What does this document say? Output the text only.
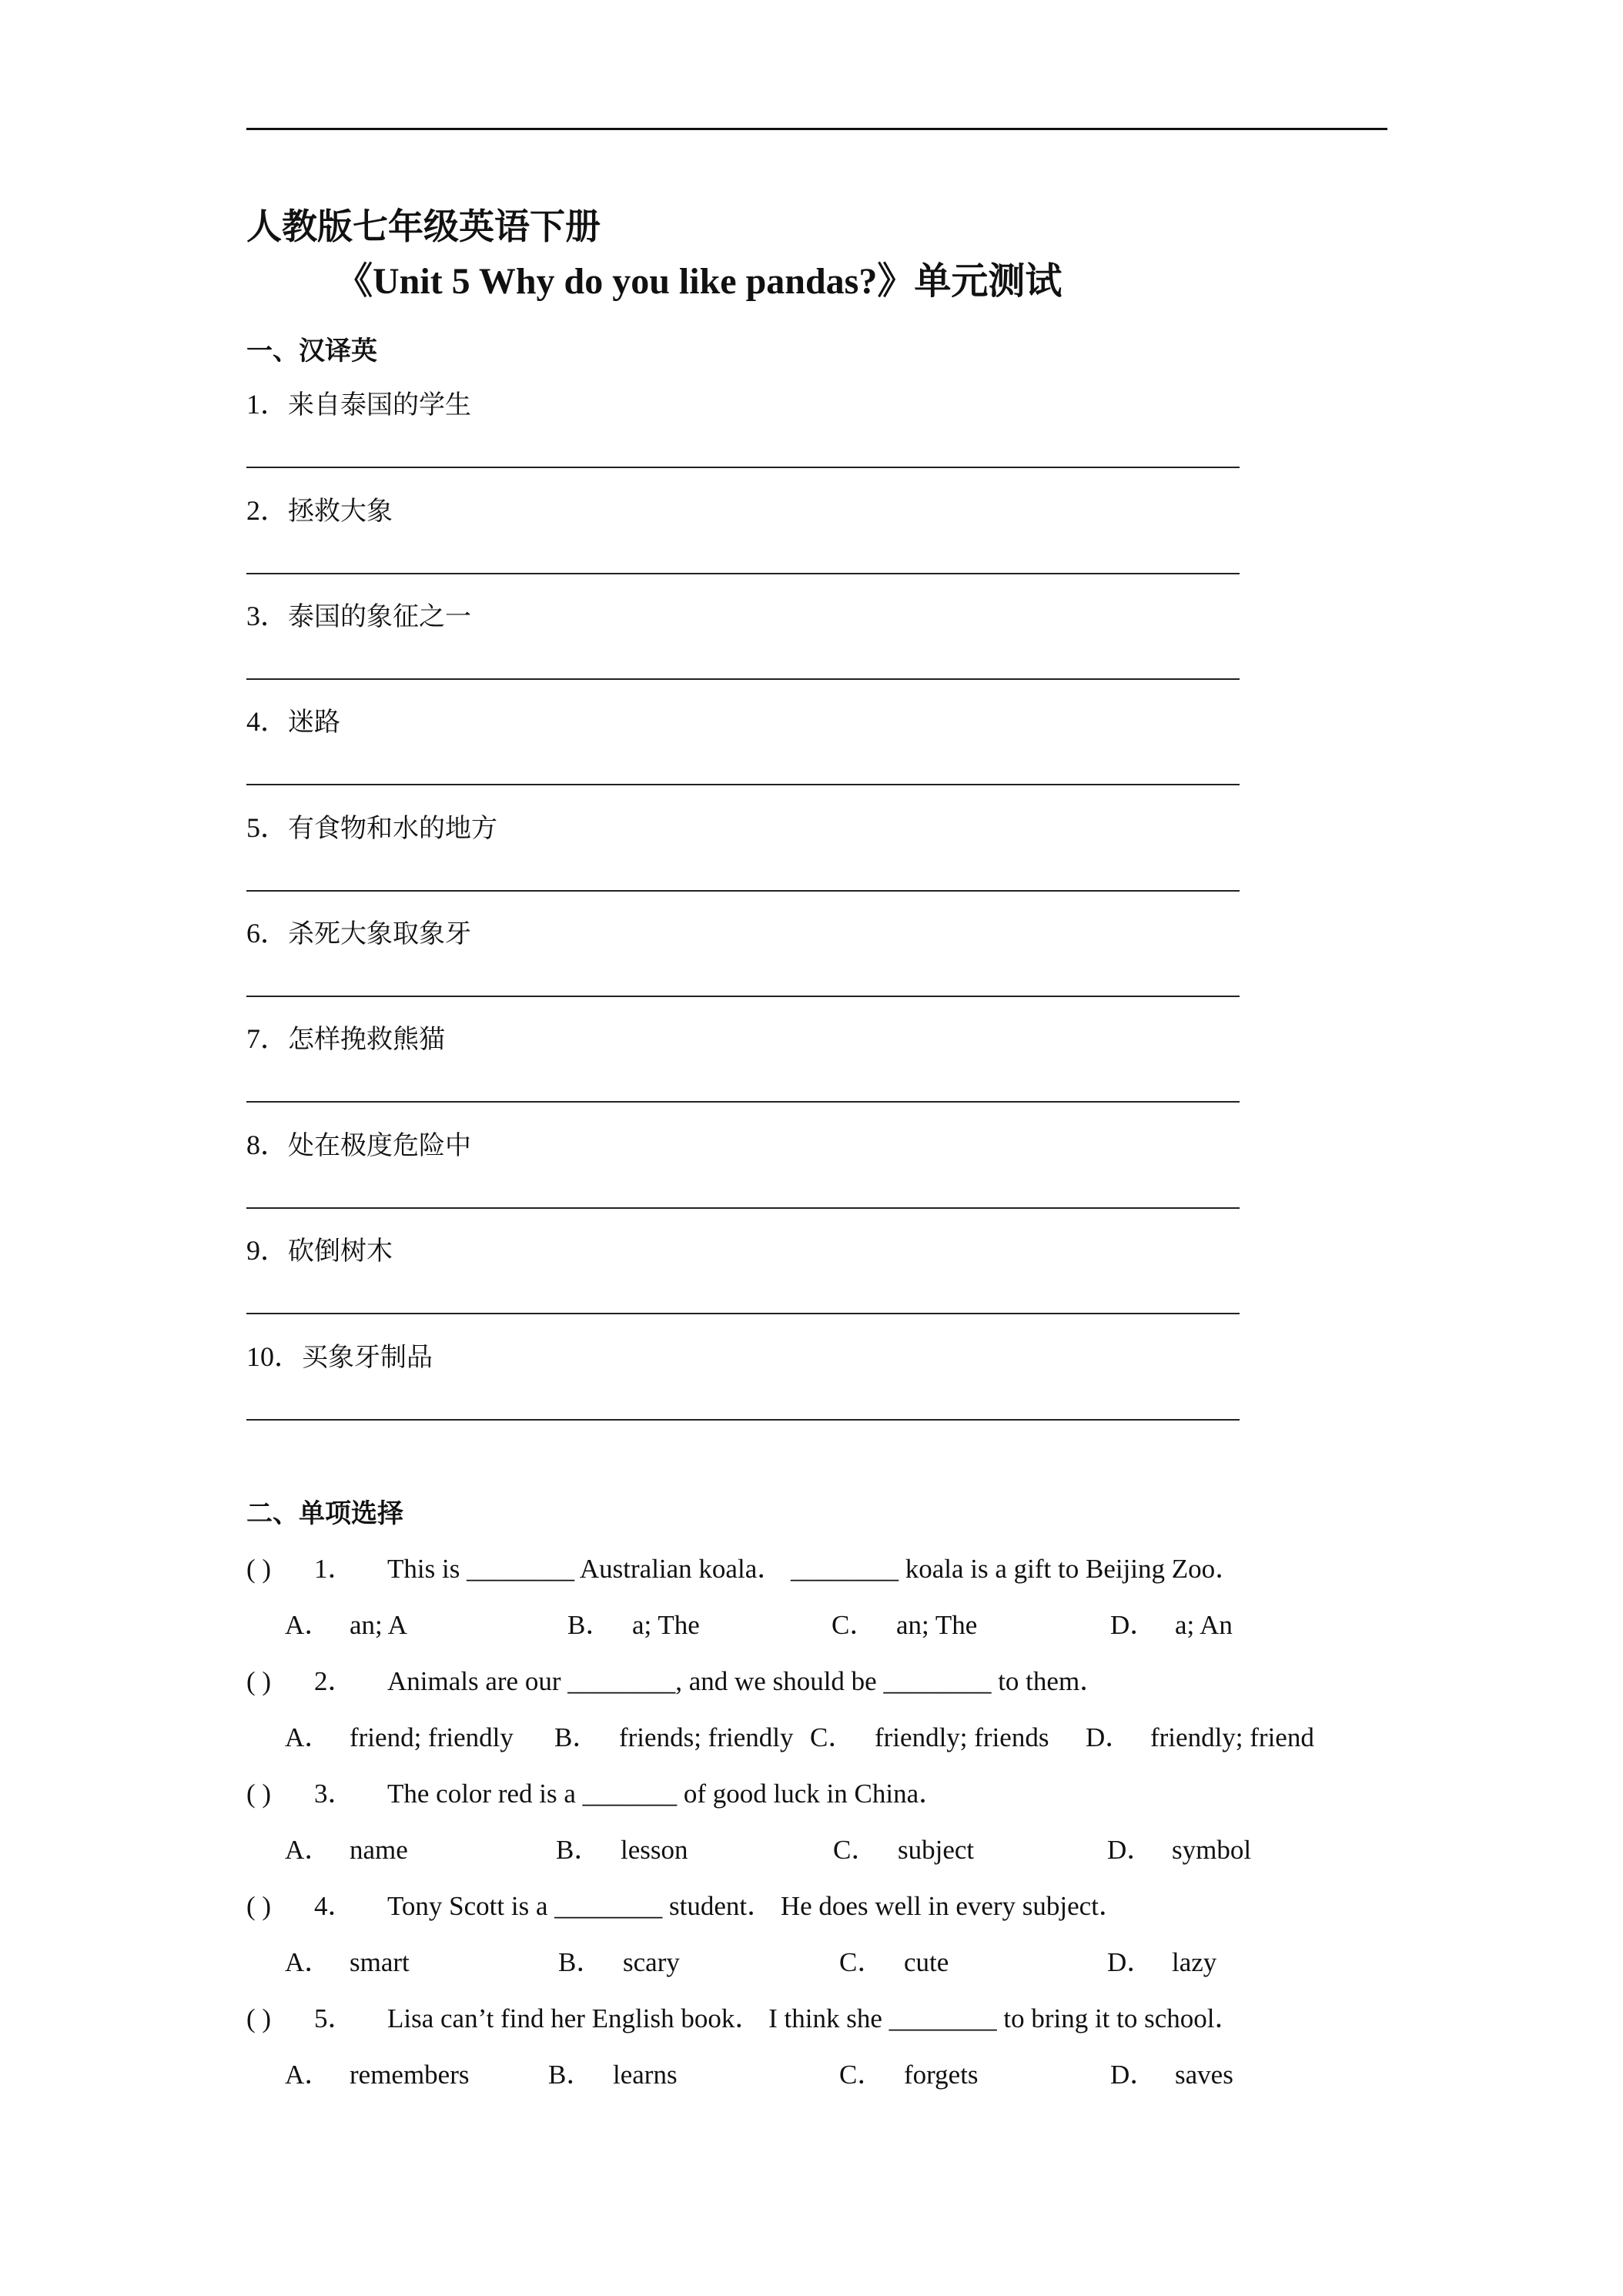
人教版七年级英语下册
《Unit 5 Why do you like pandas?》单元测试
一、汉译英
1．来自泰国的学生
2．拯救大象
3．泰国的象征之一
4．迷路
5．有食物和水的地方
6．杀死大象取象牙
7．怎样挽救熊猫
8．处在极度危险中
9．砍倒树木
10．买象牙制品
二、单项选择
( ) 1． This is ________ Australian koala． ________ koala is a gift to Beijing Zoo．
A． an; A	B． a; The	C． an; The	D． a; An
( ) 2． Animals are our ________, and we should be ________ to them．
A． friend; friendly B． friends; friendly C． friendly; friends D． friendly; friend
( ) 3． The color red is a _______ of good luck in China．
A． name	B． lesson	C． subject	D． symbol
( ) 4． Tony Scott is a ________ student． He does well in every subject．
A． smart	B． scary	C． cute	D． lazy
( ) 5． Lisa can’t find her English book． I think she ________ to bring it to school．
A． remembers	B． learns	C． forgets	D． saves
